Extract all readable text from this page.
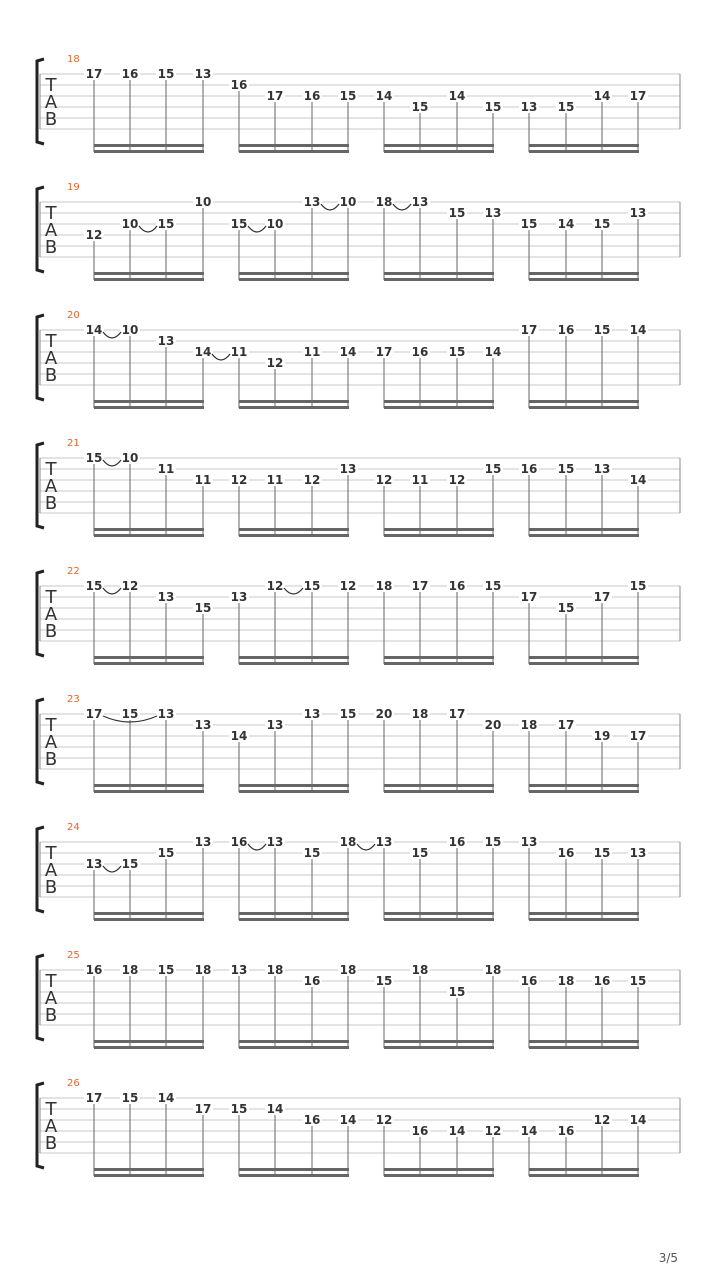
T
A
B
18
17 16 15 13
16
17 16 15 14
15
14
15 13 15
14 17
T
A
B
19
12
10 15
10
15 10
13 10 18 13
15 13
15 14 15
13
T
A
B
20
14 10
13
14 11
12
11 14 17 16 15 14
17 16 15 14
T
A
B
21
15 10
11
11 12 11 12
13
12 11 12
15 16 15 13
14
T
A
B
22
15 12
13
15
13
12 15 12 18 17 16 15
17
15
17
15
T
A
B
23
17 15 13
13
14
13
13 15 20 18 17
20 18 17
19 17
T
A
B
24
13 15
15
13 16 13
15
18 13
15
16 15 13
16 15 13
T
A
B
25
16 18 15 18 13 18
16
18
15
18
15
18
16 18 16 15
T
A
B
26
17 15 14
17 15 14
16 14 12
16 14 12 14 16
12 14
3/5
